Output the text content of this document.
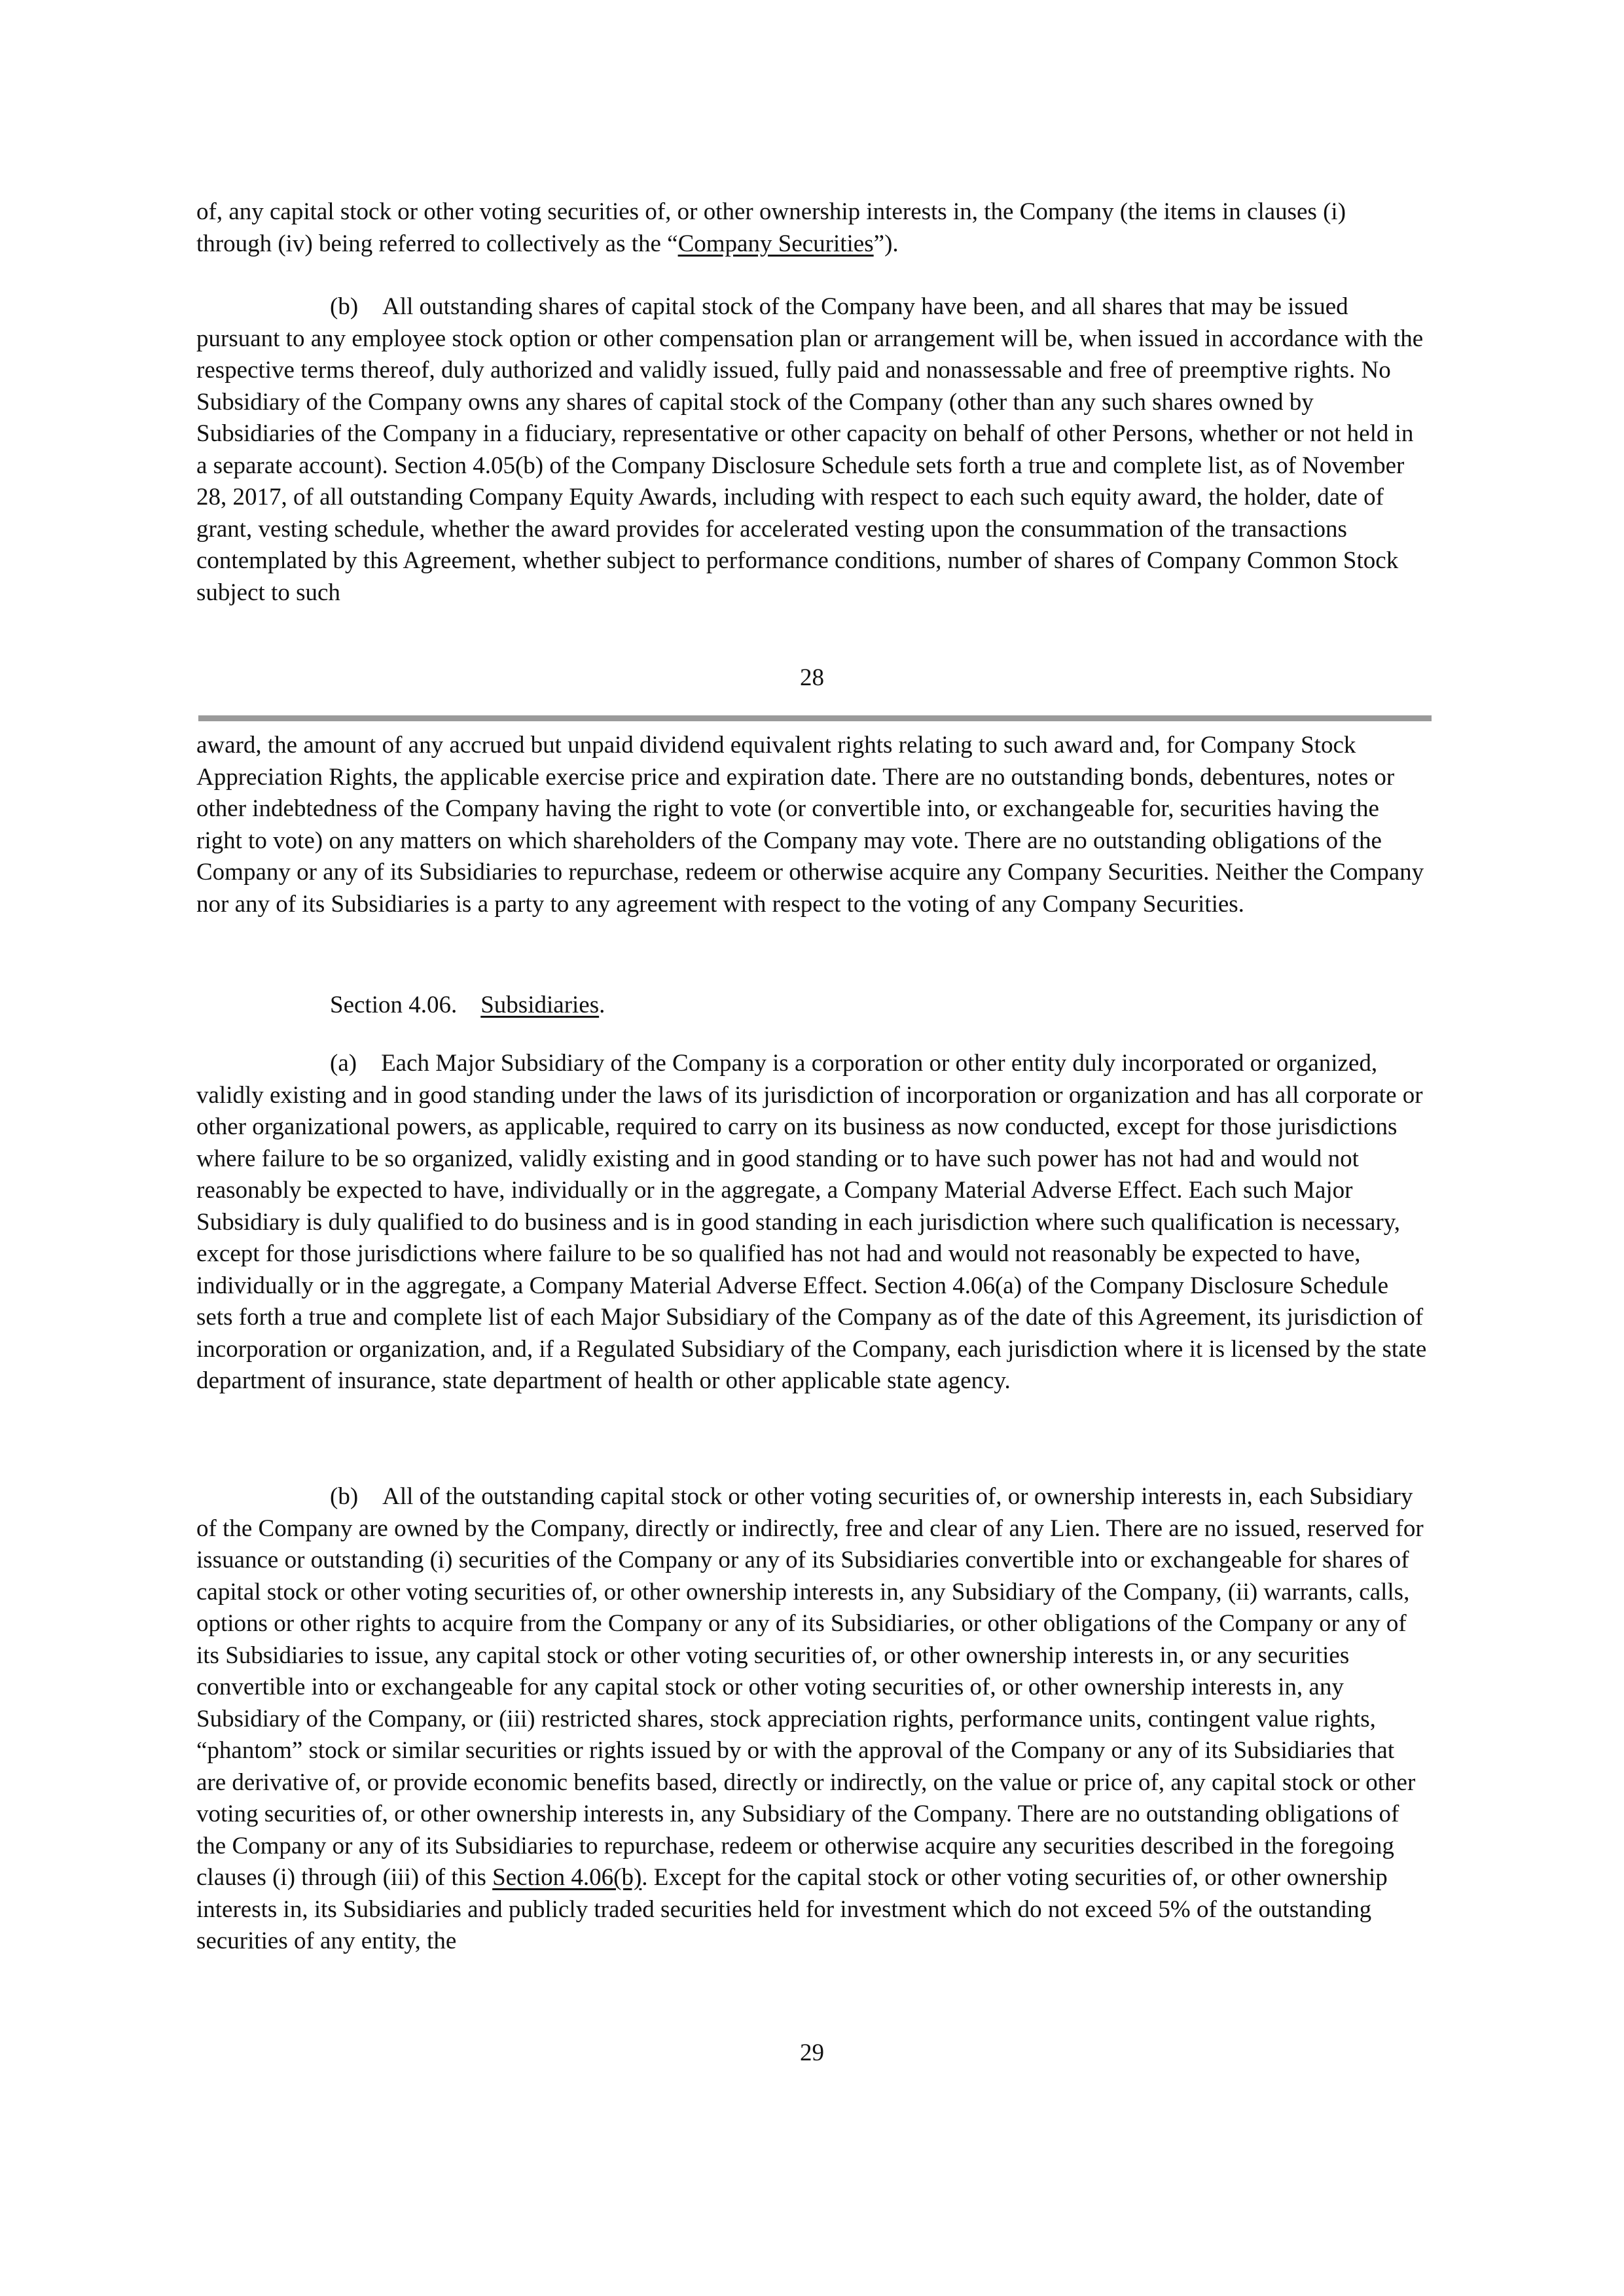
of, any capital stock or other voting securities of, or other ownership interests in, the Company (the items in clauses (i) through (iv) being referred to collectively as the “Company Securities”).

(b) All outstanding shares of capital stock of the Company have been, and all shares that may be issued pursuant to any employee stock option or other compensation plan or arrangement will be, when issued in accordance with the respective terms thereof, duly authorized and validly issued, fully paid and nonassessable and free of preemptive rights. No Subsidiary of the Company owns any shares of capital stock of the Company (other than any such shares owned by Subsidiaries of the Company in a fiduciary, representative or other capacity on behalf of other Persons, whether or not held in a separate account). Section 4.05(b) of the Company Disclosure Schedule sets forth a true and complete list, as of November 28, 2017, of all outstanding Company Equity Awards, including with respect to each such equity award, the holder, date of grant, vesting schedule, whether the award provides for accelerated vesting upon the consummation of the transactions contemplated by this Agreement, whether subject to performance conditions, number of shares of Company Common Stock subject to such

28

award, the amount of any accrued but unpaid dividend equivalent rights relating to such award and, for Company Stock Appreciation Rights, the applicable exercise price and expiration date. There are no outstanding bonds, debentures, notes or other indebtedness of the Company having the right to vote (or convertible into, or exchangeable for, securities having the right to vote) on any matters on which shareholders of the Company may vote. There are no outstanding obligations of the Company or any of its Subsidiaries to repurchase, redeem or otherwise acquire any Company Securities. Neither the Company nor any of its Subsidiaries is a party to any agreement with respect to the voting of any Company Securities.

Section 4.06. Subsidiaries.

(a) Each Major Subsidiary of the Company is a corporation or other entity duly incorporated or organized, validly existing and in good standing under the laws of its jurisdiction of incorporation or organization and has all corporate or other organizational powers, as applicable, required to carry on its business as now conducted, except for those jurisdictions where failure to be so organized, validly existing and in good standing or to have such power has not had and would not reasonably be expected to have, individually or in the aggregate, a Company Material Adverse Effect. Each such Major Subsidiary is duly qualified to do business and is in good standing in each jurisdiction where such qualification is necessary, except for those jurisdictions where failure to be so qualified has not had and would not reasonably be expected to have, individually or in the aggregate, a Company Material Adverse Effect. Section 4.06(a) of the Company Disclosure Schedule sets forth a true and complete list of each Major Subsidiary of the Company as of the date of this Agreement, its jurisdiction of incorporation or organization, and, if a Regulated Subsidiary of the Company, each jurisdiction where it is licensed by the state department of insurance, state department of health or other applicable state agency.

(b) All of the outstanding capital stock or other voting securities of, or ownership interests in, each Subsidiary of the Company are owned by the Company, directly or indirectly, free and clear of any Lien. There are no issued, reserved for issuance or outstanding (i) securities of the Company or any of its Subsidiaries convertible into or exchangeable for shares of capital stock or other voting securities of, or other ownership interests in, any Subsidiary of the Company, (ii) warrants, calls, options or other rights to acquire from the Company or any of its Subsidiaries, or other obligations of the Company or any of its Subsidiaries to issue, any capital stock or other voting securities of, or other ownership interests in, or any securities convertible into or exchangeable for any capital stock or other voting securities of, or other ownership interests in, any Subsidiary of the Company, or (iii) restricted shares, stock appreciation rights, performance units, contingent value rights, “phantom” stock or similar securities or rights issued by or with the approval of the Company or any of its Subsidiaries that are derivative of, or provide economic benefits based, directly or indirectly, on the value or price of, any capital stock or other voting securities of, or other ownership interests in, any Subsidiary of the Company. There are no outstanding obligations of the Company or any of its Subsidiaries to repurchase, redeem or otherwise acquire any securities described in the foregoing clauses (i) through (iii) of this Section 4.06(b). Except for the capital stock or other voting securities of, or other ownership interests in, its Subsidiaries and publicly traded securities held for investment which do not exceed 5% of the outstanding securities of any entity, the

29
